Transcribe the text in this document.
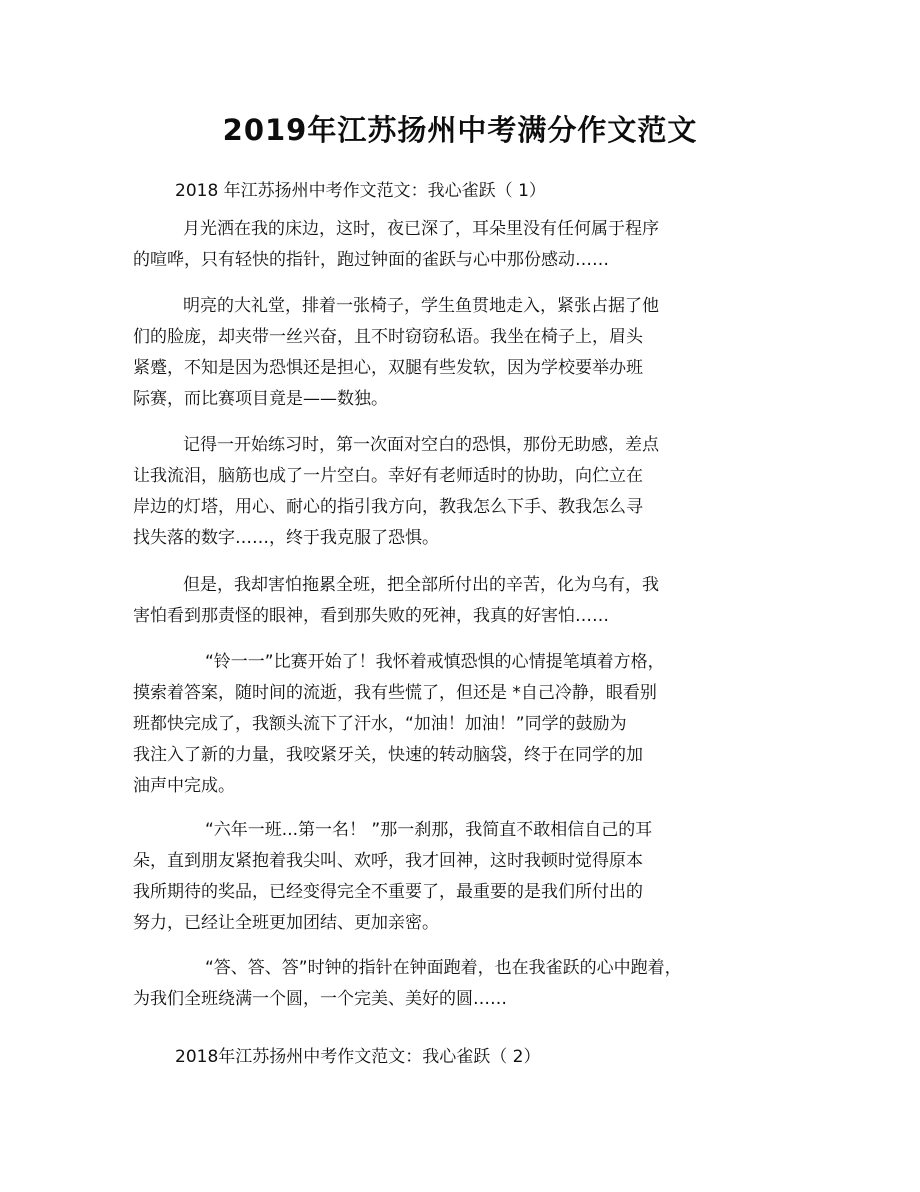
2019年江苏扬州中考满分作文范文
2018 年江苏扬州中考作文范文：我心雀跃（ 1）
月光洒在我的床边，这时，夜已深了，耳朵里没有任何属于程序
的喧哗，只有轻快的指针，跑过钟面的雀跃与心中那份感动……
明亮的大礼堂，排着一张椅子，学生鱼贯地走入，紧张占据了他
们的脸庞，却夹带一丝兴奋，且不时窃窃私语。我坐在椅子上，眉头
紧蹙，不知是因为恐惧还是担心，双腿有些发软，因为学校要举办班
际赛，而比赛项目竟是——数独。
记得一开始练习时，第一次面对空白的恐惧，那份无助感，差点
让我流泪，脑筋也成了一片空白。幸好有老师适时的协助，向伫立在
岸边的灯塔，用心、耐心的指引我方向，教我怎么下手、教我怎么寻
找失落的数字……，终于我克服了恐惧。
但是，我却害怕拖累全班，把全部所付出的辛苦，化为乌有，我
害怕看到那责怪的眼神，看到那失败的死神，我真的好害怕……
“铃一一”比赛开始了！我怀着戒慎恐惧的心情提笔填着方格，
摸索着答案，随时间的流逝，我有些慌了，但还是 *自己冷静，眼看别
班都快完成了，我额头流下了汗水，“加油！加油！”同学的鼓励为
我注入了新的力量，我咬紧牙关，快速的转动脑袋，终于在同学的加
油声中完成。
“六年一班...第一名！ ”那一刹那，我简直不敢相信自己的耳
朵，直到朋友紧抱着我尖叫、欢呼，我才回神，这时我顿时觉得原本
我所期待的奖品，已经变得完全不重要了，最重要的是我们所付出的
努力，已经让全班更加团结、更加亲密。
“答、答、答”时钟的指针在钟面跑着，也在我雀跃的心中跑着，
为我们全班绕满一个圆，一个完美、美好的圆……
2018年江苏扬州中考作文范文：我心雀跃（ 2）
